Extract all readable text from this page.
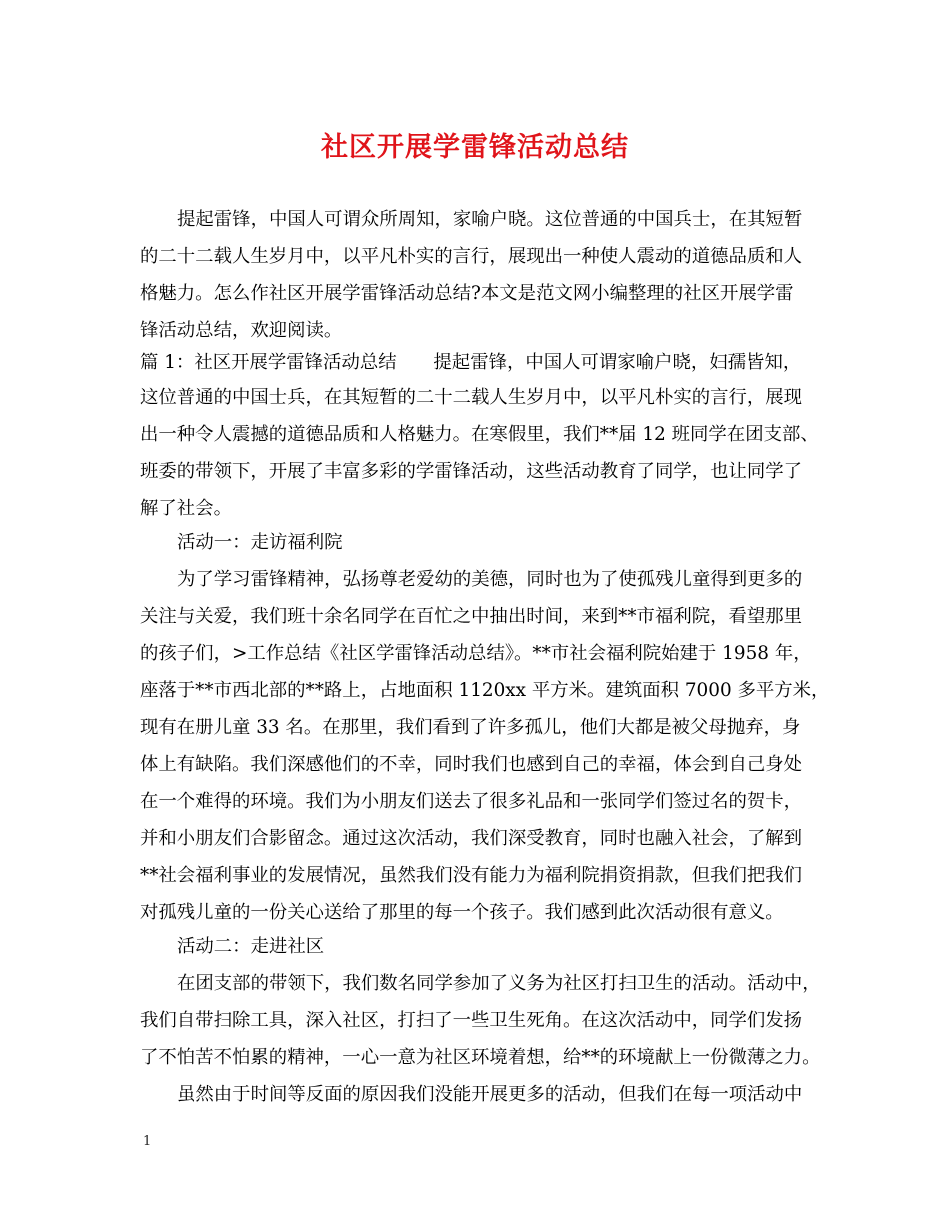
社区开展学雷锋活动总结
提起雷锋，中国人可谓众所周知，家喻户晓。这位普通的中国兵士，在其短暂
的二十二载人生岁月中，以平凡朴实的言行，展现出一种使人震动的道德品质和人
格魅力。怎么作社区开展学雷锋活动总结?本文是范文网小编整理的社区开展学雷
锋活动总结，欢迎阅读。
篇 1：社区开展学雷锋活动总结　　提起雷锋，中国人可谓家喻户晓，妇孺皆知，
这位普通的中国士兵，在其短暂的二十二载人生岁月中，以平凡朴实的言行，展现
出一种令人震撼的道德品质和人格魅力。在寒假里，我们**届 12 班同学在团支部、
班委的带领下，开展了丰富多彩的学雷锋活动，这些活动教育了同学，也让同学了
解了社会。
活动一：走访福利院
为了学习雷锋精神，弘扬尊老爱幼的美德，同时也为了使孤残儿童得到更多的
关注与关爱，我们班十余名同学在百忙之中抽出时间，来到**市福利院，看望那里
的孩子们，>工作总结《社区学雷锋活动总结》。**市社会福利院始建于 1958 年，
座落于**市西北部的**路上，占地面积 1120xx 平方米。建筑面积 7000 多平方米，
现有在册儿童 33 名。在那里，我们看到了许多孤儿，他们大都是被父母抛弃，身
体上有缺陷。我们深感他们的不幸，同时我们也感到自己的幸福，体会到自己身处
在一个难得的环境。我们为小朋友们送去了很多礼品和一张同学们签过名的贺卡，
并和小朋友们合影留念。通过这次活动，我们深受教育，同时也融入社会，了解到
**社会福利事业的发展情况，虽然我们没有能力为福利院捐资捐款，但我们把我们
对孤残儿童的一份关心送给了那里的每一个孩子。我们感到此次活动很有意义。
活动二：走进社区
在团支部的带领下，我们数名同学参加了义务为社区打扫卫生的活动。活动中，
我们自带扫除工具，深入社区，打扫了一些卫生死角。在这次活动中，同学们发扬
了不怕苦不怕累的精神，一心一意为社区环境着想，给**的环境献上一份微薄之力。
虽然由于时间等反面的原因我们没能开展更多的活动，但我们在每一项活动中
1
